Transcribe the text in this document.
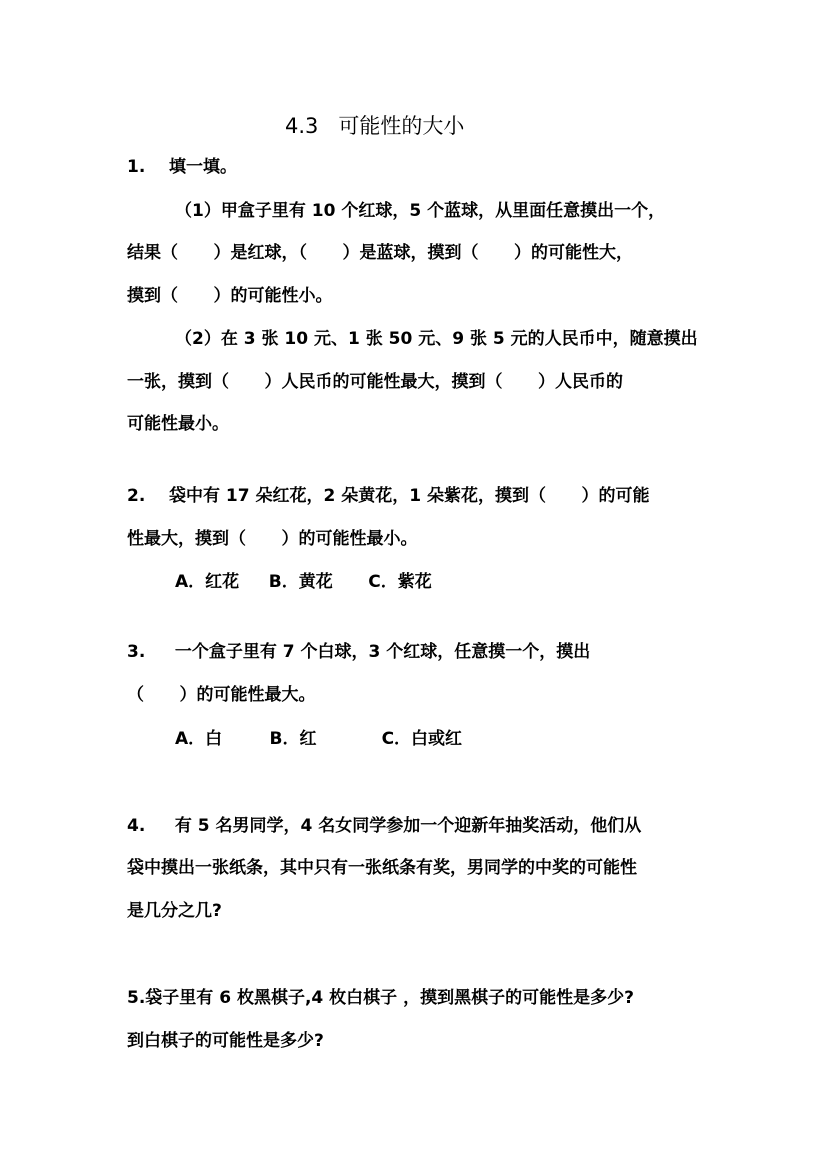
4.3   可能性的大小
1.    填一填。
（1）甲盒子里有 10 个红球，5 个蓝球，从里面任意摸出一个，
结果（      ）是红球，（      ）是蓝球，摸到（      ）的可能性大，
摸到（      ）的可能性小。
（2）在 3 张 10 元、1 张 50 元、9 张 5 元的人民币中，随意摸出
一张，摸到（      ）人民币的可能性最大，摸到（      ）人民币的
可能性最小。
2.    袋中有 17 朵红花，2 朵黄花，1 朵紫花，摸到（      ）的可能
性最大，摸到（      ）的可能性最小。
A．红花     B．黄花      C．紫花
3.     一个盒子里有 7 个白球，3 个红球，任意摸一个，摸出
（      ）的可能性最大。
A．白        B．红           C．白或红
4.     有 5 名男同学，4 名女同学参加一个迎新年抽奖活动，他们从
袋中摸出一张纸条，其中只有一张纸条有奖，男同学的中奖的可能性
是几分之几?
5.袋子里有 6 枚黑棋子,4 枚白棋子 ，摸到黑棋子的可能性是多少?
到白棋子的可能性是多少?
